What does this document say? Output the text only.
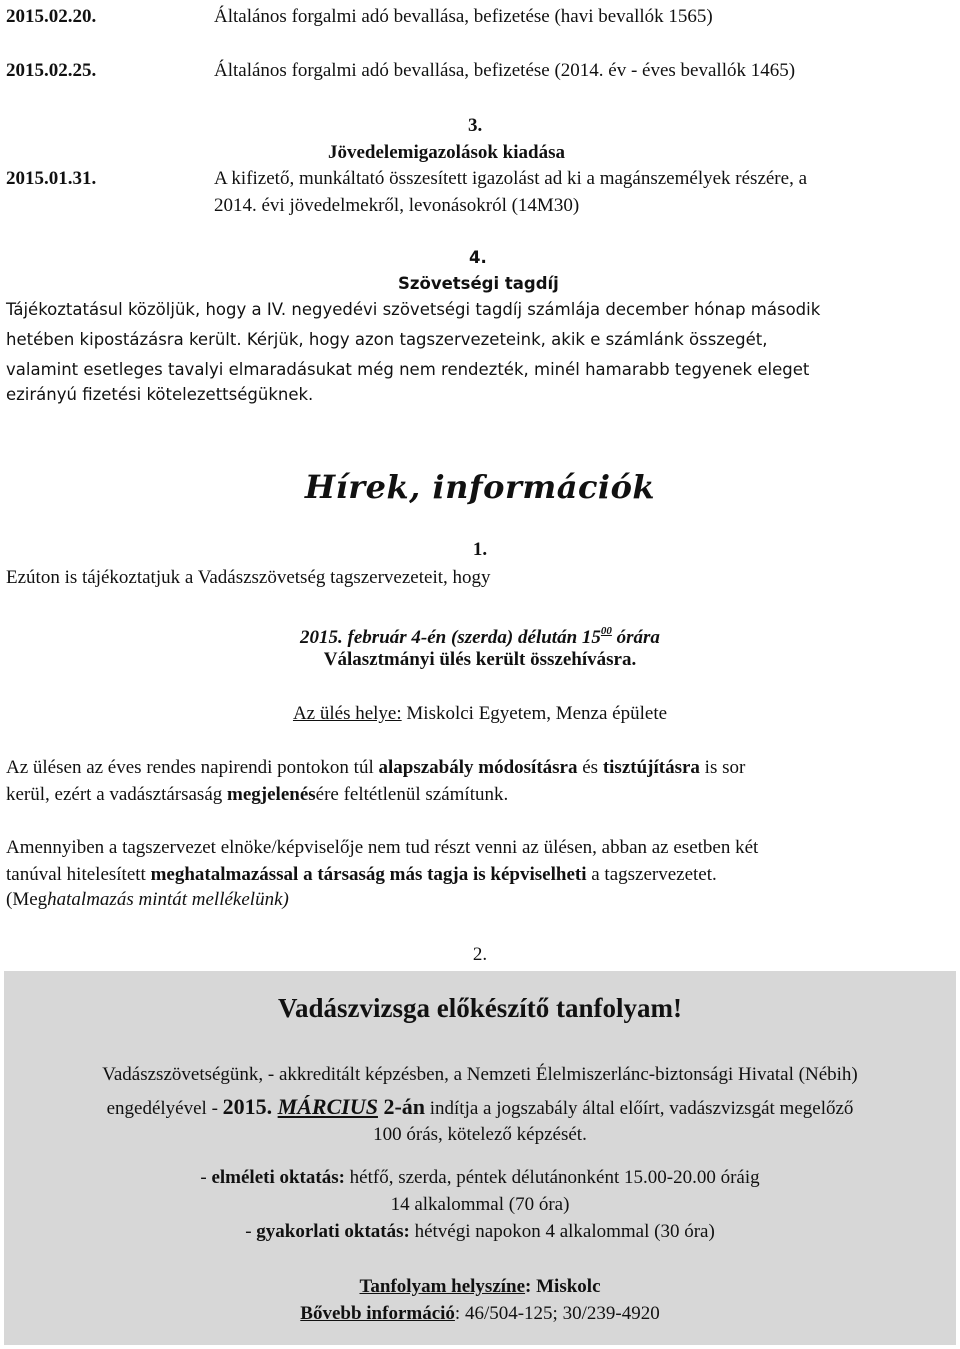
2015.02.20.	Általános forgalmi adó bevallása, befizetése (havi bevallók 1565)
2015.02.25.	Általános forgalmi adó bevallása, befizetése (2014. év - éves bevallók 1465)
3.
Jövedelemigazolások kiadása
2015.01.31.	A kifizető, munkáltató összesített igazolást ad ki a magánszemélyek részére, a
2014. évi jövedelmekről, levonásokról (14M30)
4.
Szövetségi tagdíj
Tájékoztatásul közöljük, hogy a IV. negyedévi szövetségi tagdíj számlája december hónap második
hetében kipostázásra került. Kérjük, hogy azon tagszervezeteink, akik e számlánk összegét,
valamint esetleges tavalyi elmaradásukat még nem rendezték, minél hamarabb tegyenek eleget
ezirányú fizetési kötelezettségüknek.
Hírek, információk
1.
Ezúton is tájékoztatjuk a Vadászszövetség tagszervezeteit, hogy
2015. február 4-én (szerda) délután $15^{00}$ órára
Választmányi ülés került összehívásra.
Az ülés helye: Miskolci Egyetem, Menza épülete
Az ülésen az éves rendes napirendi pontokon túl alapszabály módosításra és tisztújításra is sor
kerül, ezért a vadásztársaság megjelenésére feltétlenül számítunk.
Amennyiben a tagszervezet elnöke/képviselője nem tud részt venni az ülésen, abban az esetben két
tanúval hitelesített meghatalmazással a társaság más tagja is képviselheti a tagszervezetet.
(Meghatalmazás mintát mellékelünk)
2.
Vadászvizsga előkészítő tanfolyam!
Vadászszövetségünk, - akkreditált képzésben, a Nemzeti Élelmiszerlánc-biztonsági Hivatal (Nébih)
engedélyével - 2015. MÁRCIUS 2-án indítja a jogszabály által előírt, vadászvizsgát megelőző
100 órás, kötelező képzését.
- elméleti oktatás: hétfő, szerda, péntek délutánonként 15.00-20.00 óráig
14 alkalommal (70 óra)
- gyakorlati oktatás: hétvégi napokon 4 alkalommal (30 óra)
Tanfolyam helyszíne: Miskolc
Bővebb információ: 46/504-125; 30/239-4920
